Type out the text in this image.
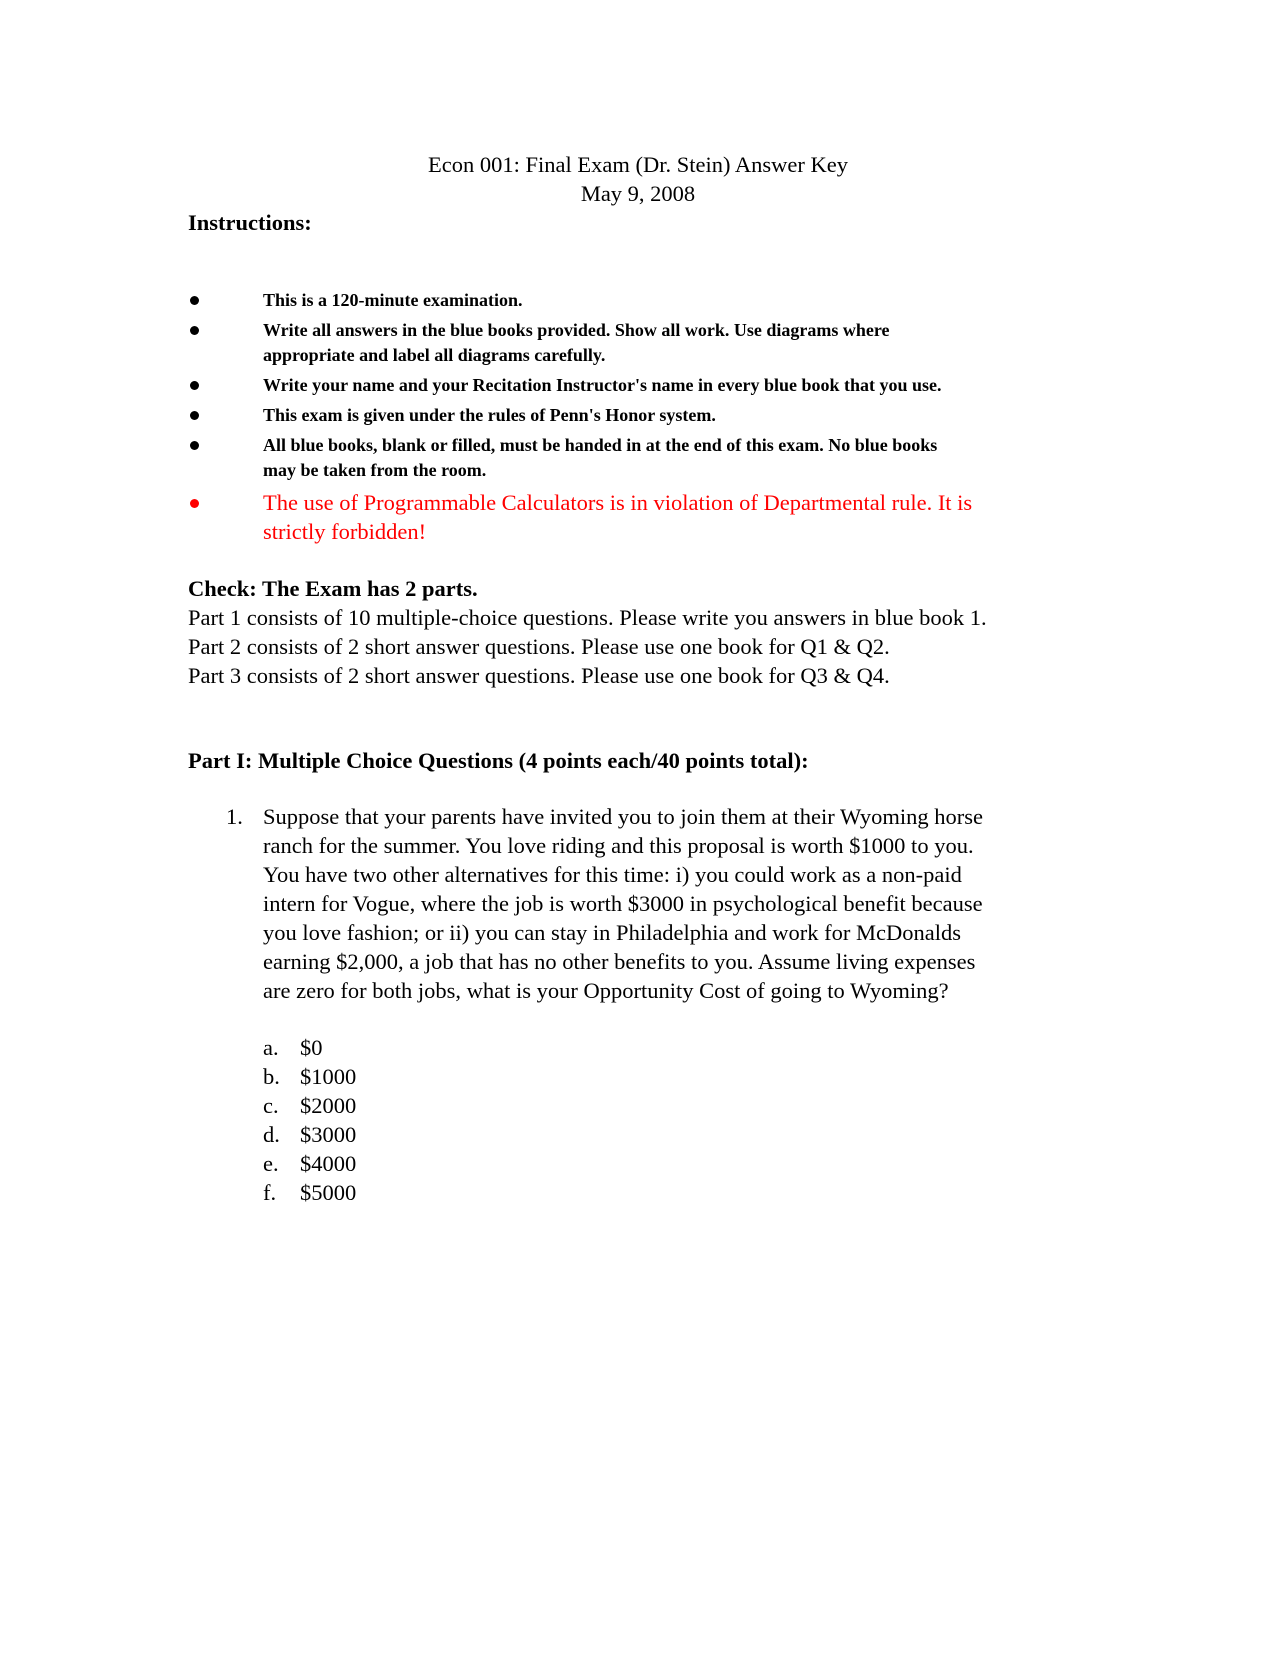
Econ 001: Final Exam (Dr. Stein) Answer Key
May 9, 2008
Instructions:
This is a 120-minute examination.
Write all answers in the blue books provided. Show all work. Use diagrams where
appropriate and label all diagrams carefully.
Write your name and your Recitation Instructor's name in every blue book that you use.
This exam is given under the rules of Penn's Honor system.
All blue books, blank or filled, must be handed in at the end of this exam. No blue books
may be taken from the room.
The use of Programmable Calculators is in violation of Departmental rule. It is
strictly forbidden!
Check: The Exam has 2 parts.
Part 1 consists of 10 multiple-choice questions. Please write you answers in blue book 1.
Part 2 consists of 2 short answer questions. Please use one book for Q1 & Q2.
Part 3 consists of 2 short answer questions. Please use one book for Q3 & Q4.
Part I: Multiple Choice Questions (4 points each/40 points total):
1. Suppose that your parents have invited you to join them at their Wyoming horse
ranch for the summer. You love riding and this proposal is worth $1000 to you.
You have two other alternatives for this time: i) you could work as a non-paid
intern for Vogue, where the job is worth $3000 in psychological benefit because
you love fashion; or ii) you can stay in Philadelphia and work for McDonalds
earning $2,000, a job that has no other benefits to you. Assume living expenses
are zero for both jobs, what is your Opportunity Cost of going to Wyoming?
a. $0
b. $1000
c. $2000
d. $3000
e. $4000
f. $5000
